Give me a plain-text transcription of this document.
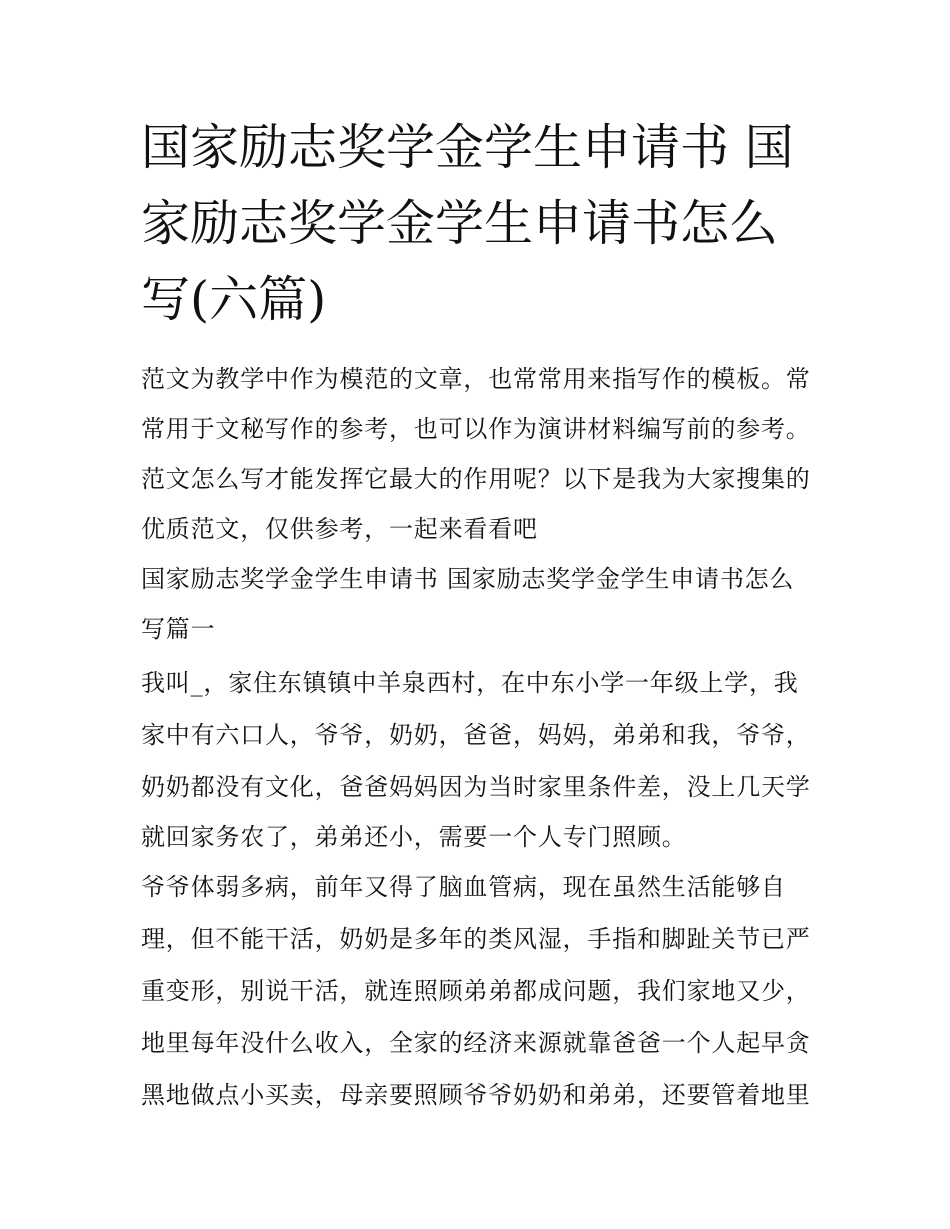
国家励志奖学金学生申请书 国
家励志奖学金学生申请书怎么
写(六篇)
范文为教学中作为模范的文章，也常常用来指写作的模板。常
常用于文秘写作的参考，也可以作为演讲材料编写前的参考。
范文怎么写才能发挥它最大的作用呢？以下是我为大家搜集的
优质范文，仅供参考，一起来看看吧
国家励志奖学金学生申请书 国家励志奖学金学生申请书怎么
写篇一
我叫_，家住东镇镇中羊泉西村，在中东小学一年级上学，我
家中有六口人，爷爷，奶奶，爸爸，妈妈，弟弟和我，爷爷，
奶奶都没有文化，爸爸妈妈因为当时家里条件差，没上几天学
就回家务农了，弟弟还小，需要一个人专门照顾。
爷爷体弱多病，前年又得了脑血管病，现在虽然生活能够自
理，但不能干活，奶奶是多年的类风湿，手指和脚趾关节已严
重变形，别说干活，就连照顾弟弟都成问题，我们家地又少，
地里每年没什么收入，全家的经济来源就靠爸爸一个人起早贪
黑地做点小买卖，母亲要照顾爷爷奶奶和弟弟，还要管着地里
